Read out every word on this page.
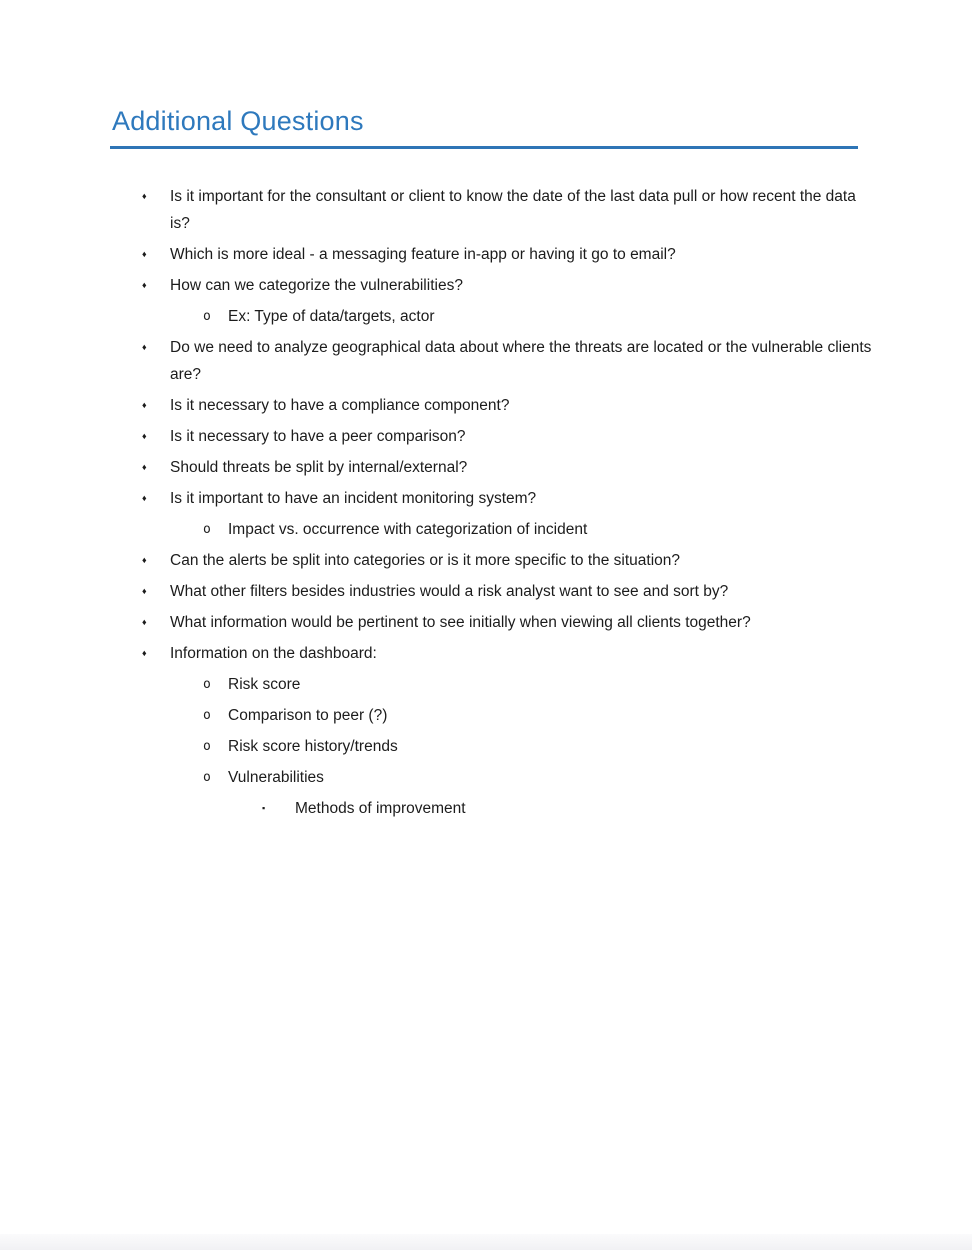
Additional Questions
♦	Is it important for the consultant or client to know the date of the last data pull or how recent the data is?
♦	Which is more ideal - a messaging feature in-app or having it go to email?
♦	How can we categorize the vulnerabilities?
o	Ex: Type of data/targets, actor
♦	Do we need to analyze geographical data about where the threats are located or the vulnerable clients are?
♦	Is it necessary to have a compliance component?
♦	Is it necessary to have a peer comparison?
♦	Should threats be split by internal/external?
♦	Is it important to have an incident monitoring system?
o	Impact vs. occurrence with categorization of incident
♦	Can the alerts be split into categories or is it more specific to the situation?
♦	What other filters besides industries would a risk analyst want to see and sort by?
♦	What information would be pertinent to see initially when viewing all clients together?
♦	Information on the dashboard:
o	Risk score
o	Comparison to peer (?)
o	Risk score history/trends
o	Vulnerabilities
▪	Methods of improvement
